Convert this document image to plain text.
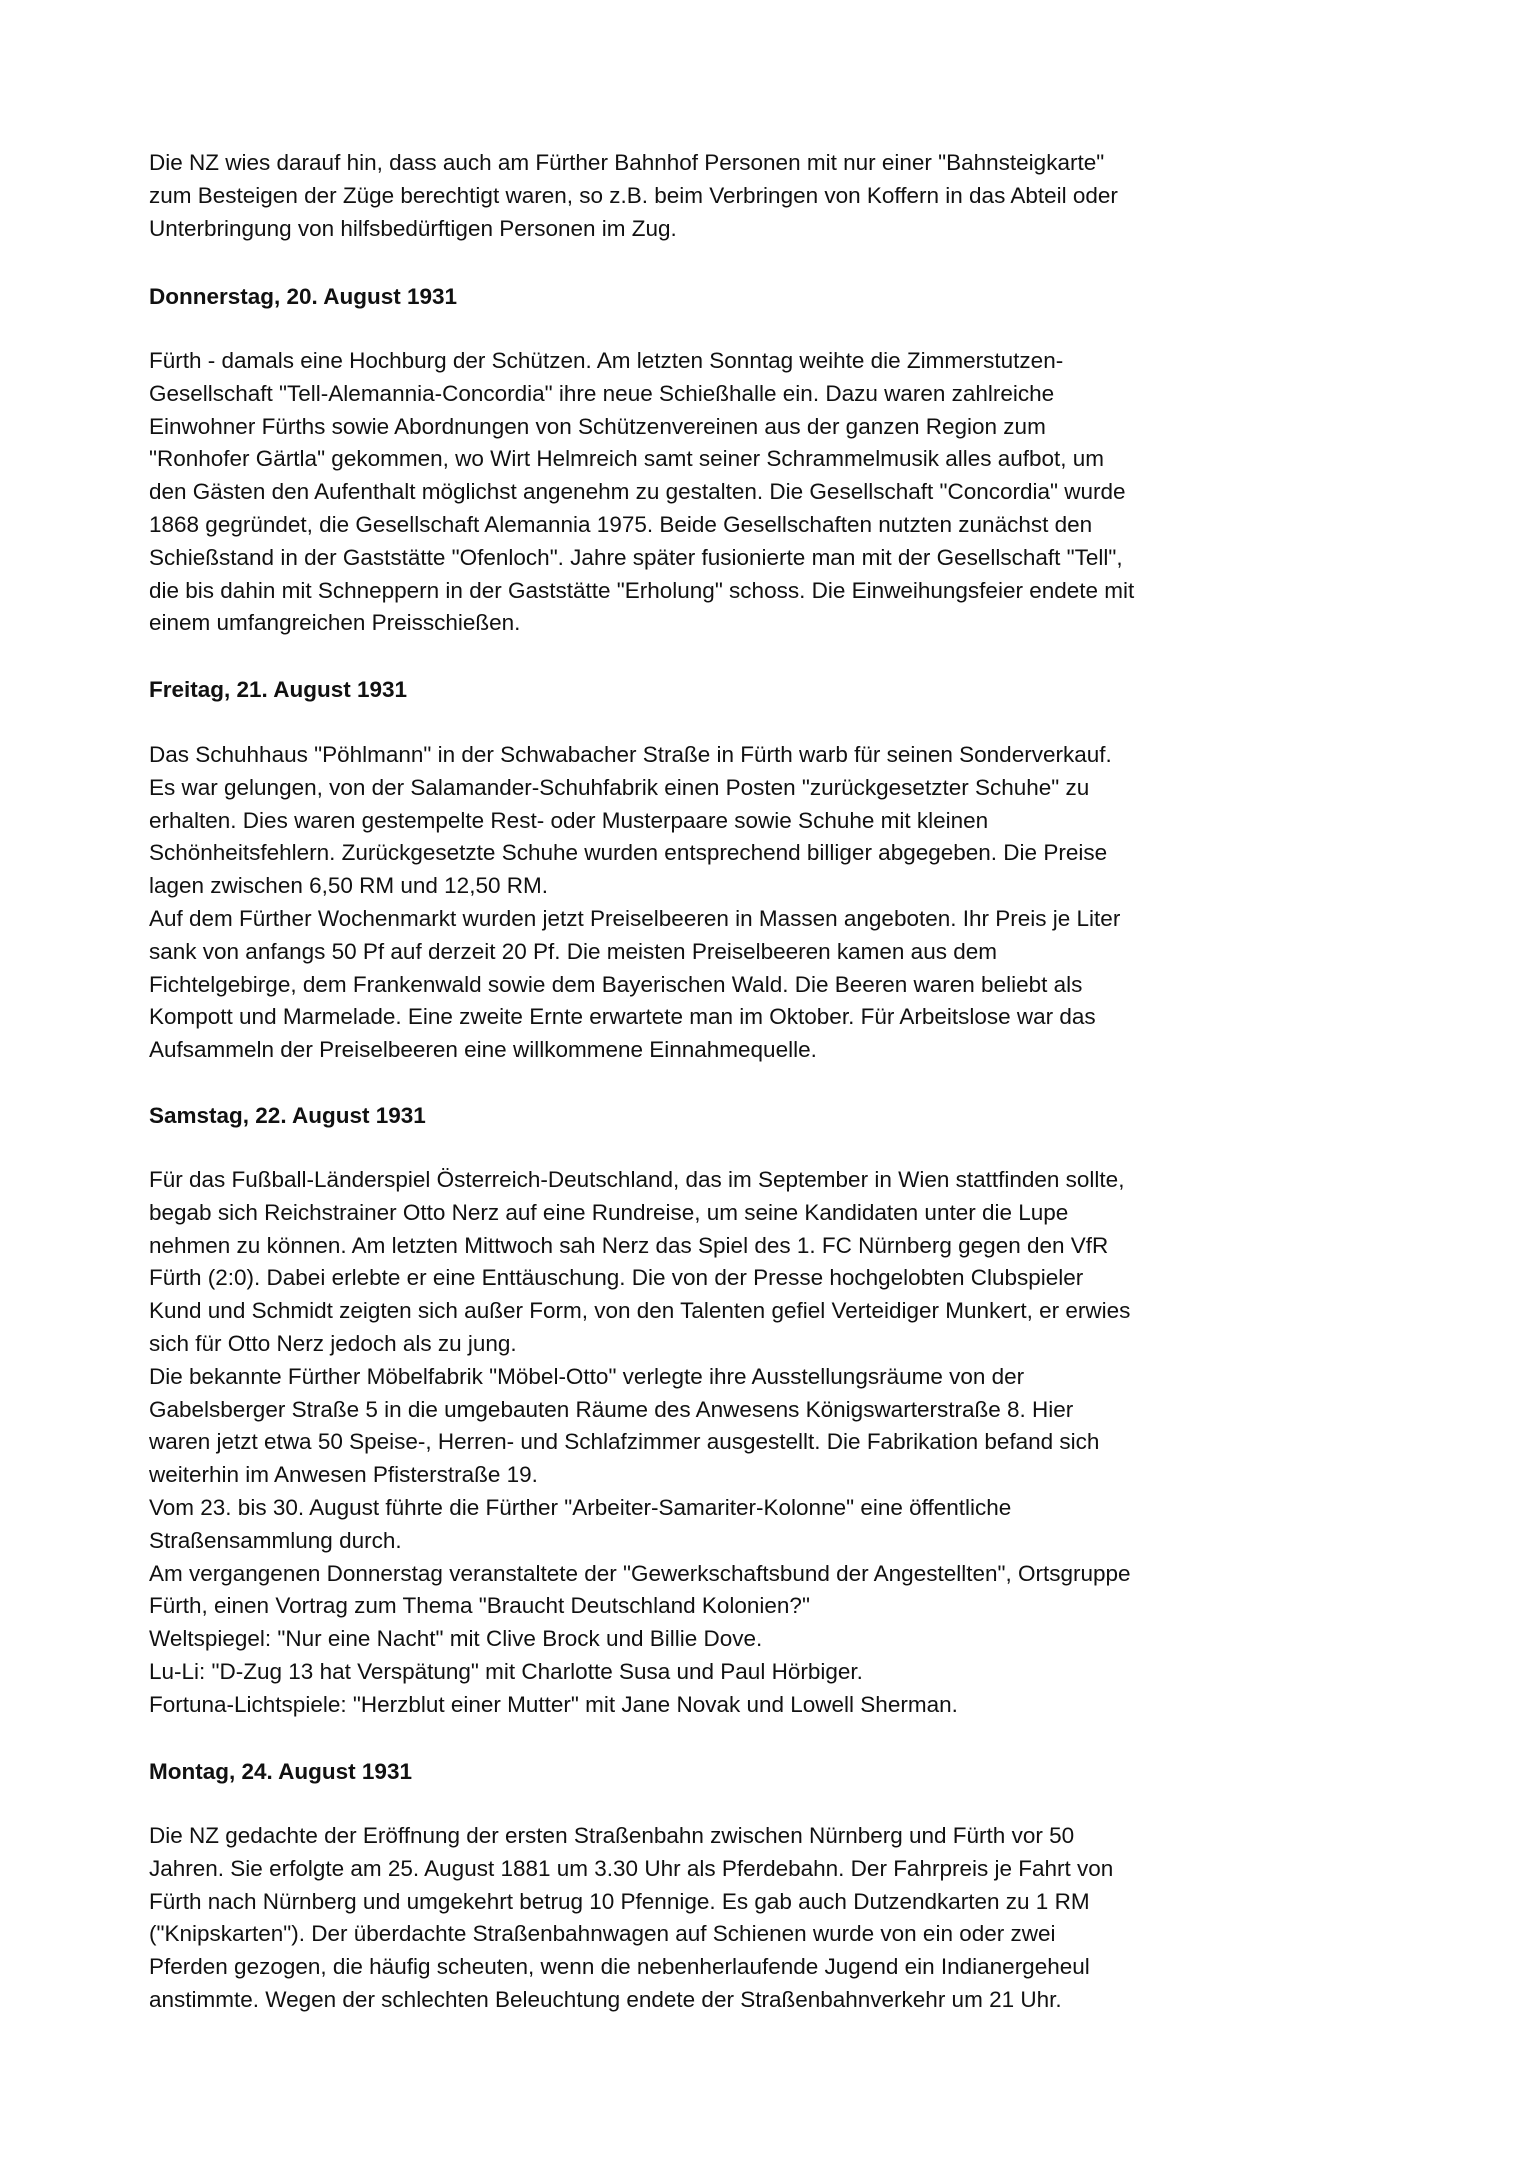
Die NZ wies darauf hin, dass auch am Fürther Bahnhof Personen mit nur einer "Bahnsteigkarte"
zum Besteigen der Züge berechtigt waren, so z.B. beim Verbringen von Koffern in das Abteil oder
Unterbringung von hilfsbedürftigen Personen im Zug.
Donnerstag, 20. August 1931
Fürth - damals eine Hochburg der Schützen. Am letzten Sonntag weihte die Zimmerstutzen-
Gesellschaft "Tell-Alemannia-Concordia" ihre neue Schießhalle ein. Dazu waren zahlreiche
Einwohner Fürths sowie Abordnungen von Schützenvereinen aus der ganzen Region zum
"Ronhofer Gärtla" gekommen, wo Wirt Helmreich samt seiner Schrammelmusik alles aufbot, um
den Gästen den Aufenthalt möglichst angenehm zu gestalten. Die Gesellschaft "Concordia" wurde
1868 gegründet, die Gesellschaft Alemannia 1975. Beide Gesellschaften nutzten zunächst den
Schießstand in der Gaststätte "Ofenloch". Jahre später fusionierte man mit der Gesellschaft "Tell",
die bis dahin mit Schneppern in der Gaststätte "Erholung" schoss. Die Einweihungsfeier endete mit
einem umfangreichen Preisschießen.
Freitag, 21. August 1931
Das Schuhhaus "Pöhlmann" in der Schwabacher Straße in Fürth warb für seinen Sonderverkauf.
Es war gelungen, von der Salamander-Schuhfabrik einen Posten "zurückgesetzter Schuhe" zu
erhalten. Dies waren gestempelte Rest- oder Musterpaare sowie Schuhe mit kleinen
Schönheitsfehlern. Zurückgesetzte Schuhe wurden entsprechend billiger abgegeben. Die Preise
lagen zwischen 6,50 RM und 12,50 RM.
Auf dem Fürther Wochenmarkt wurden jetzt Preiselbeeren in Massen angeboten. Ihr Preis je Liter
sank von anfangs 50 Pf auf derzeit 20 Pf. Die meisten Preiselbeeren kamen aus dem
Fichtelgebirge, dem Frankenwald sowie dem Bayerischen Wald. Die Beeren waren beliebt als
Kompott und Marmelade. Eine zweite Ernte erwartete man im Oktober. Für Arbeitslose war das
Aufsammeln der Preiselbeeren eine willkommene Einnahmequelle.
Samstag, 22. August 1931
Für das Fußball-Länderspiel Österreich-Deutschland, das im September in Wien stattfinden sollte,
begab sich Reichstrainer Otto Nerz auf eine Rundreise, um seine Kandidaten unter die Lupe
nehmen zu können. Am letzten Mittwoch sah Nerz das Spiel des 1. FC Nürnberg gegen den VfR
Fürth (2:0). Dabei erlebte er eine Enttäuschung. Die von der Presse hochgelobten Clubspieler
Kund und Schmidt zeigten sich außer Form, von den Talenten gefiel Verteidiger Munkert, er erwies
sich für Otto Nerz jedoch als zu jung.
Die bekannte Fürther Möbelfabrik "Möbel-Otto" verlegte ihre Ausstellungsräume von der
Gabelsberger Straße 5 in die umgebauten Räume des Anwesens Königswarterstraße 8. Hier
waren jetzt etwa 50 Speise-, Herren- und Schlafzimmer ausgestellt. Die Fabrikation befand sich
weiterhin im Anwesen Pfisterstraße 19.
Vom 23. bis 30. August führte die Fürther "Arbeiter-Samariter-Kolonne" eine öffentliche
Straßensammlung durch.
Am vergangenen Donnerstag veranstaltete der "Gewerkschaftsbund der Angestellten", Ortsgruppe
Fürth, einen Vortrag zum Thema "Braucht Deutschland Kolonien?"
Weltspiegel: "Nur eine Nacht" mit Clive Brock und Billie Dove.
Lu-Li: "D-Zug 13 hat Verspätung" mit Charlotte Susa und Paul Hörbiger.
Fortuna-Lichtspiele: "Herzblut einer Mutter" mit Jane Novak und Lowell Sherman.
Montag, 24. August 1931
Die NZ gedachte der Eröffnung der ersten Straßenbahn zwischen Nürnberg und Fürth vor 50
Jahren. Sie erfolgte am 25. August 1881 um 3.30 Uhr als Pferdebahn. Der Fahrpreis je Fahrt von
Fürth nach Nürnberg und umgekehrt betrug 10 Pfennige. Es gab auch Dutzendkarten zu 1 RM
("Knipskarten"). Der überdachte Straßenbahnwagen auf Schienen wurde von ein oder zwei
Pferden gezogen, die häufig scheuten, wenn die nebenherlaufende Jugend ein Indianergeheul
anstimmte. Wegen der schlechten Beleuchtung endete der Straßenbahnverkehr um 21 Uhr.
